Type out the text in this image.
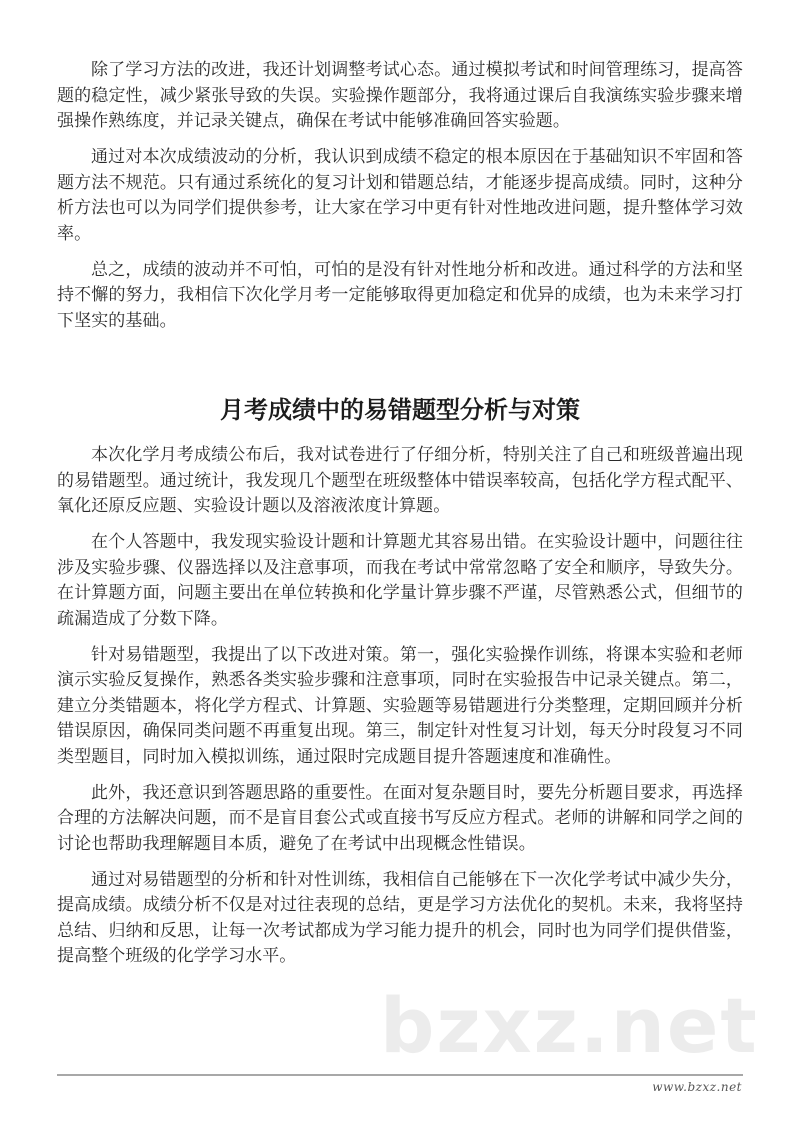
除了学习方法的改进，我还计划调整考试心态。通过模拟考试和时间管理练习，提高答题的稳定性，减少紧张导致的失误。实验操作题部分，我将通过课后自我演练实验步骤来增强操作熟练度，并记录关键点，确保在考试中能够准确回答实验题。

通过对本次成绩波动的分析，我认识到成绩不稳定的根本原因在于基础知识不牢固和答题方法不规范。只有通过系统化的复习计划和错题总结，才能逐步提高成绩。同时，这种分析方法也可以为同学们提供参考，让大家在学习中更有针对性地改进问题，提升整体学习效率。

总之，成绩的波动并不可怕，可怕的是没有针对性地分析和改进。通过科学的方法和坚持不懈的努力，我相信下次化学月考一定能够取得更加稳定和优异的成绩，也为未来学习打下坚实的基础。

月考成绩中的易错题型分析与对策

本次化学月考成绩公布后，我对试卷进行了仔细分析，特别关注了自己和班级普遍出现的易错题型。通过统计，我发现几个题型在班级整体中错误率较高，包括化学方程式配平、氧化还原反应题、实验设计题以及溶液浓度计算题。

在个人答题中，我发现实验设计题和计算题尤其容易出错。在实验设计题中，问题往往涉及实验步骤、仪器选择以及注意事项，而我在考试中常常忽略了安全和顺序，导致失分。在计算题方面，问题主要出在单位转换和化学量计算步骤不严谨，尽管熟悉公式，但细节的疏漏造成了分数下降。

针对易错题型，我提出了以下改进对策。第一，强化实验操作训练，将课本实验和老师演示实验反复操作，熟悉各类实验步骤和注意事项，同时在实验报告中记录关键点。第二，建立分类错题本，将化学方程式、计算题、实验题等易错题进行分类整理，定期回顾并分析错误原因，确保同类问题不再重复出现。第三，制定针对性复习计划，每天分时段复习不同类型题目，同时加入模拟训练，通过限时完成题目提升答题速度和准确性。

此外，我还意识到答题思路的重要性。在面对复杂题目时，要先分析题目要求，再选择合理的方法解决问题，而不是盲目套公式或直接书写反应方程式。老师的讲解和同学之间的讨论也帮助我理解题目本质，避免了在考试中出现概念性错误。

通过对易错题型的分析和针对性训练，我相信自己能够在下一次化学考试中减少失分，提高成绩。成绩分析不仅是对过往表现的总结，更是学习方法优化的契机。未来，我将坚持总结、归纳和反思，让每一次考试都成为学习能力提升的机会，同时也为同学们提供借鉴，提高整个班级的化学学习水平。

bzxz.net
www.bzxz.net
